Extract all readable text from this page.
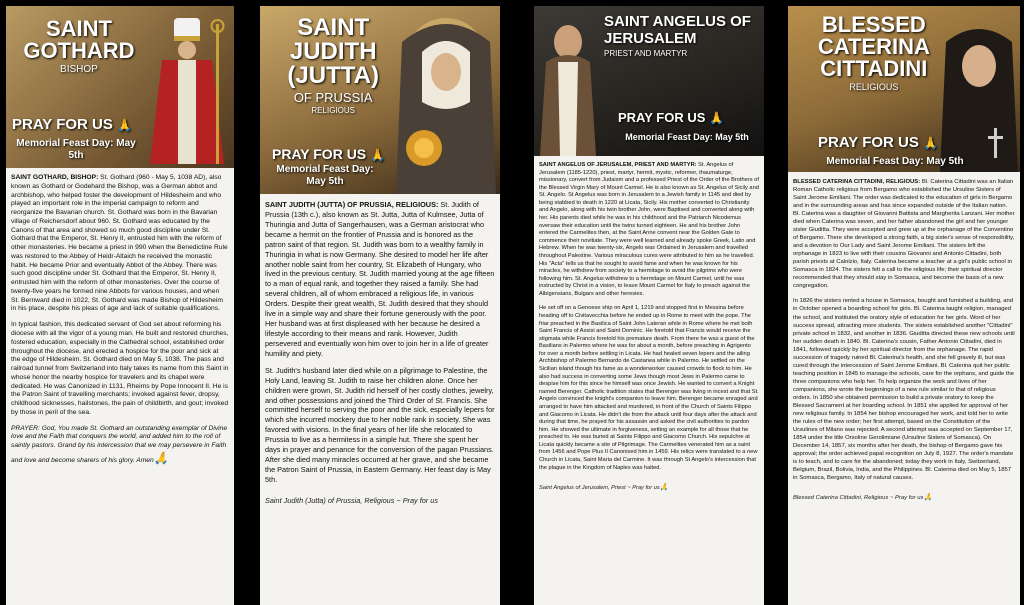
SAINT GOTHARD
BISHOP
PRAY FOR US 🙏
Memorial Feast Day: May 5th

SAINT GOTHARD, BISHOP: St. Gothard (960 - May 5, 1038 AD), also known as Gothard or Godehard the Bishop, was a German abbot and archbishop, who helped foster the development of Hildesheim and who played an important role in the imperial campaign to reform and reorganize the Bavarian church. St. Gothard was born in the Bavarian village of Reichersdorf about 960. St. Gothard was educated by the Canons of that area and showed so much good discipline under St. Gothard that the Emperor, St. Henry II, entrusted him with the reform of other monasteries. He became a priest in 990 when the Benedictine Rule was restored to the Abbey of Heidr-Altaich he received the monastic habit. He became Prior and eventually Abbot of the Abbey. There was such good discipline under St. Gothard that the Emperor, St. Henry II, entrusted him with the reform of other monasteries. Over the course of twenty-five years he formed nine Abbots for various houses, and when St. Bernward died in 1022, St. Gothard was made Bishop of Hildesheim in his place, despite his pleas of age and lack of suitable qualifications.

In typical fashion, this dedicated servant of God set about reforming his diocese with all the vigor of a young man. He built and restored churches, fostered education, especially in the Cathedral school, established order throughout the diocese, and erected a hospice for the poor and sick at the edge of Hildesheim. St. Gothard died on May 5, 1038. The pass and railroad tunnel from Switzerland into Italy takes its name from this Saint in whose honor the nearby hospice for travelers and its chapel were dedicated. He was Canonized in 1131, Rheims by Pope Innocent II. He is the Patron Saint of travelling merchants; invoked against fever, dropsy, childhood sicknesses, hailstones, the pain of childbirth, and gout; invoked by those in peril of the sea.

PRAYER: God, You made St. Gothard an outstanding exemplar of Divine love and the Faith that conquers the world, and added him to the roll of saintly pastors. Grand by his intercession that we may persevere in Faith and love and become sharers of his glory. Amen🙏

SAINT JUDITH (JUTTA)
OF PRUSSIA
RELIGIOUS
PRAY FOR US 🙏
Memorial Feast Day: May 5th

SAINT JUDITH (JUTTA) OF PRUSSIA, RELIGIOUS: St. Judith of Prussia (13th c.), also known as St. Jutta, Jutta of Kulmsee, Jutta of Thuringia and Jutta of Sangerhausen, was a German aristocrat who became a hermit on the frontier of Prussia and is honored as the patron saint of that region. St. Judith was born to a wealthy family in Thuringia in what is now Germany. She desired to model her life after another noble saint from her country, St. Elizabeth of Hungary, who lived in the previous century. St. Judith married young at the age fifteen to a man of equal rank, and together they raised a family. She had several children, all of whom embraced a religious life, in various Orders. Despite their great wealth, St. Judith desired that they should live in a simple way and share their fortune generously with the poor. Her husband was at first displeased with her because he desired a lifestyle according to their means and rank. However, Judith persevered and eventually won him over to join her in a life of greater humility and piety.

St. Judith's husband later died while on a pilgrimage to Palestine, the Holy Land, leaving St. Judith to raise her children alone. Once her children were grown, St. Judith rid herself of her costly clothes, jewelry, and other possessions and joined the Third Order of St. Francis. She committed herself to serving the poor and the sick, especially lepers for which she incurred mockery due to her noble rank in society. She was favored with visions. In the final years of her life she relocated to Prussia to live as a hermitess in a simple hut. There she spent her days in prayer and penance for the conversion of the pagan Prussians. After she died many miracles occurred at her grave, and she became the Patron Saint of Prussia, in Eastern Germany. Her feast day is May 5th.

Saint Judith (Jutta) of Prussia, Religious ~ Pray for us
SAINT ANGELUS OF JERUSALEM
PRIEST AND MARTYR
PRAY FOR US 🙏
Memorial Feast Day: May 5th

SAINT ANGELUS OF JERUSALEM, PRIEST AND MARTYR: St. Angelus of Jerusalem (1185-1220), priest, martyr, hermit, mystic, reformer, thaumaturge, missionary, convert from Judaism and a professed Priest of the Order of the Brothers of the Blessed Virgin Mary of Mount Carmel. He is also known as St. Angelus of Sicily and St. Angelo. St Angelus was born in Jerusalem to a Jewish family in 1145 and died by being stabbed to death in 1220 at Licata, Sicily. His mother converted to Christianity and Angelo, along with his twin brother John, were Baptised and converted along with her. His parents died while he was in his childhood and the Patriarch Nicodemus oversaw their education until the twins turned eighteen. He and his brother John entered the Carmelites then, at the Saint Anne convent near the Golden Gate to commence their novitiate. They were well learned and already spoke Greek, Latin and Hebrew. When he was twenty-six, Angelo was Ordained in Jerusalem and travelled throughout Palestine. Various miraculous cures were attributed to him as he travelled. His "Acta" tells us that he sought to avoid fame and when he was known for his miracles, he withdrew from society to a hermitage to avoid the pilgrims who were following him. St. Angelus withdrew to a hermitage on Mount Carmel, until he was instructed by Christ in a vision, to leave Mount Carmel for Italy to preach against the Albigensians, Bulgars and other heresies.

He set off on a Genoese ship on April 1, 1219 and stopped first in Messina before heading off to Civitavecchia before he ended up in Rome to meet with the pope. The friar preached in the Basilica of Saint John Lateran while in Rome where he met both Saint Francis of Assisi and Saint Dominic. He foretold that Francis would receive the stigmata while Francis foretold his premature death. From there he was a guest of the Basilians in Palermo where he was for about a month, before preaching in Agrigento for over a month before settling in Licata. He had healed seven lepers and the ailing Archbishop of Palermo Bernardo de Castanea while in Palermo. He settled on the Sicilian island though his fame as a wonderworker caused crowds to flock to him. He also had success in converting some Jews though most Jews in Palermo came to despise him for this since he himself was once Jewish. He wanted to convert a Knight named Berenger. Catholic tradition states that Berenger was living in incest and that St. Angelo convinced the knight's companion to leave him. Berenger became enraged and arranged to have him attacked and murdered, in front of the Church of Saints Filippo and Giacomo in Licata. He didn't die from the attack until four days after the attack and during that time, he prayed for his assassin and asked the civil authorities to pardon him. He showed the ultimate in forgiveness, setting an example for all those that he preached to. He was buried at Saints Filippo and Giacomo Church. His sepulchre at Licata quickly became a site of Pilgrimage. The Carmelites venerated him as a saint from 1456 and Pope Pius II Canonised him in 1459. His relics were translated to a new Church in Licata, Saint Maria del Carmine. It was through St Angelo's intercession that the plague in the Kingdom of Naples was halted.

Saint Angelus of Jerusalem, Priest ~ Pray for us🙏
BLESSED CATERINA CITTADINI
RELIGIOUS
PRAY FOR US 🙏
Memorial Feast Day: May 5th

BLESSED CATERINA CITTADINI, RELIGIOUS: Bl. Caterina Cittadini was an Italian Roman Catholic religious from Bergamo who established the Ursuline Sisters of Saint Jerome Emiliani. The order was dedicated to the education of girls in Bergamo and in the surrounding areas and has since expanded outside of the Italian nation. Bl. Caterina was a daughter of Giovanni Battista and Margherita Lanzani. Her mother died when Caterina was seven, and her father abandoned the girl and her younger sister Giuditta. They were accepted and grew up at the orphanage of the Conventino of Bergamo. There she developed a strong faith, a big sister's sense of responsibility, and a devotion to Our Lady and Saint Jerome Emiliani. The sisters left the orphanage in 1823 to live with their cousins Giovanni and Antonio Cittadini, both parish priests at Calolzio, Italy. Caterina became a teacher at a girl's public school in Somasca in 1824. The sisters felt a call to the religious life; their spiritual director recommended that they should stay in Somasca, and become the basis of a new congregation.

In 1826 the sisters rented a house in Somasca, bought and furnished a building, and in October opened a boarding school for girls. Bl. Caterina taught religion, managed the school, and instituted the oratory style of education for her girls. Word of her success spread, attracting more students. The sisters established another "Cittadini" private school in 1832, and another in 1836. Giuditta directed these new schools until her sudden death in 1840. Bl. Caterina's cousin, Father Antonio Cittadini, died in 1841, followed quickly by her spiritual director from the orphanage. The rapid succession of tragedy ruined Bl. Caterina's health, and she fell gravely ill, but was cured through the intercession of Saint Jerome Emiliani. Bl. Caterina quit her public teaching position in 1845 to manage the schools, care for the orphans, and guide the three companions who help her. To help organize the work and lives of her companions, she wrote the beginnings of a new rule similar to that of religious orders. In 1850 she obtained permission to build a private oratory to keep the Blessed Sacrament at her boarding school. In 1851 she applied for approval of her new religious family. In 1854 her bishop encouraged her work, and told her to write the rules of the new order; her first attempt, based on the Constitution of the Ursulines of Milano was rejected. A second attempt was accepted on September 17, 1854 under the title Orsoline Gerolimiane (Ursuline Sisters of Somasca). On December 14, 1857, six months after her death, the bishop of Bergamo gave his approval; the order achieved papal recognition on July 8, 1927. The order's mandate is to teach, and to care for the abandoned; today they work in Italy, Switzerland, Belgium, Brazil, Bolivia, India, and the Philippines. Bl. Caterina died on May 5, 1857 in Somasca, Bergamo, Italy of natural causes.

Blessed Caterina Cittadini, Religious ~ Pray for us🙏
